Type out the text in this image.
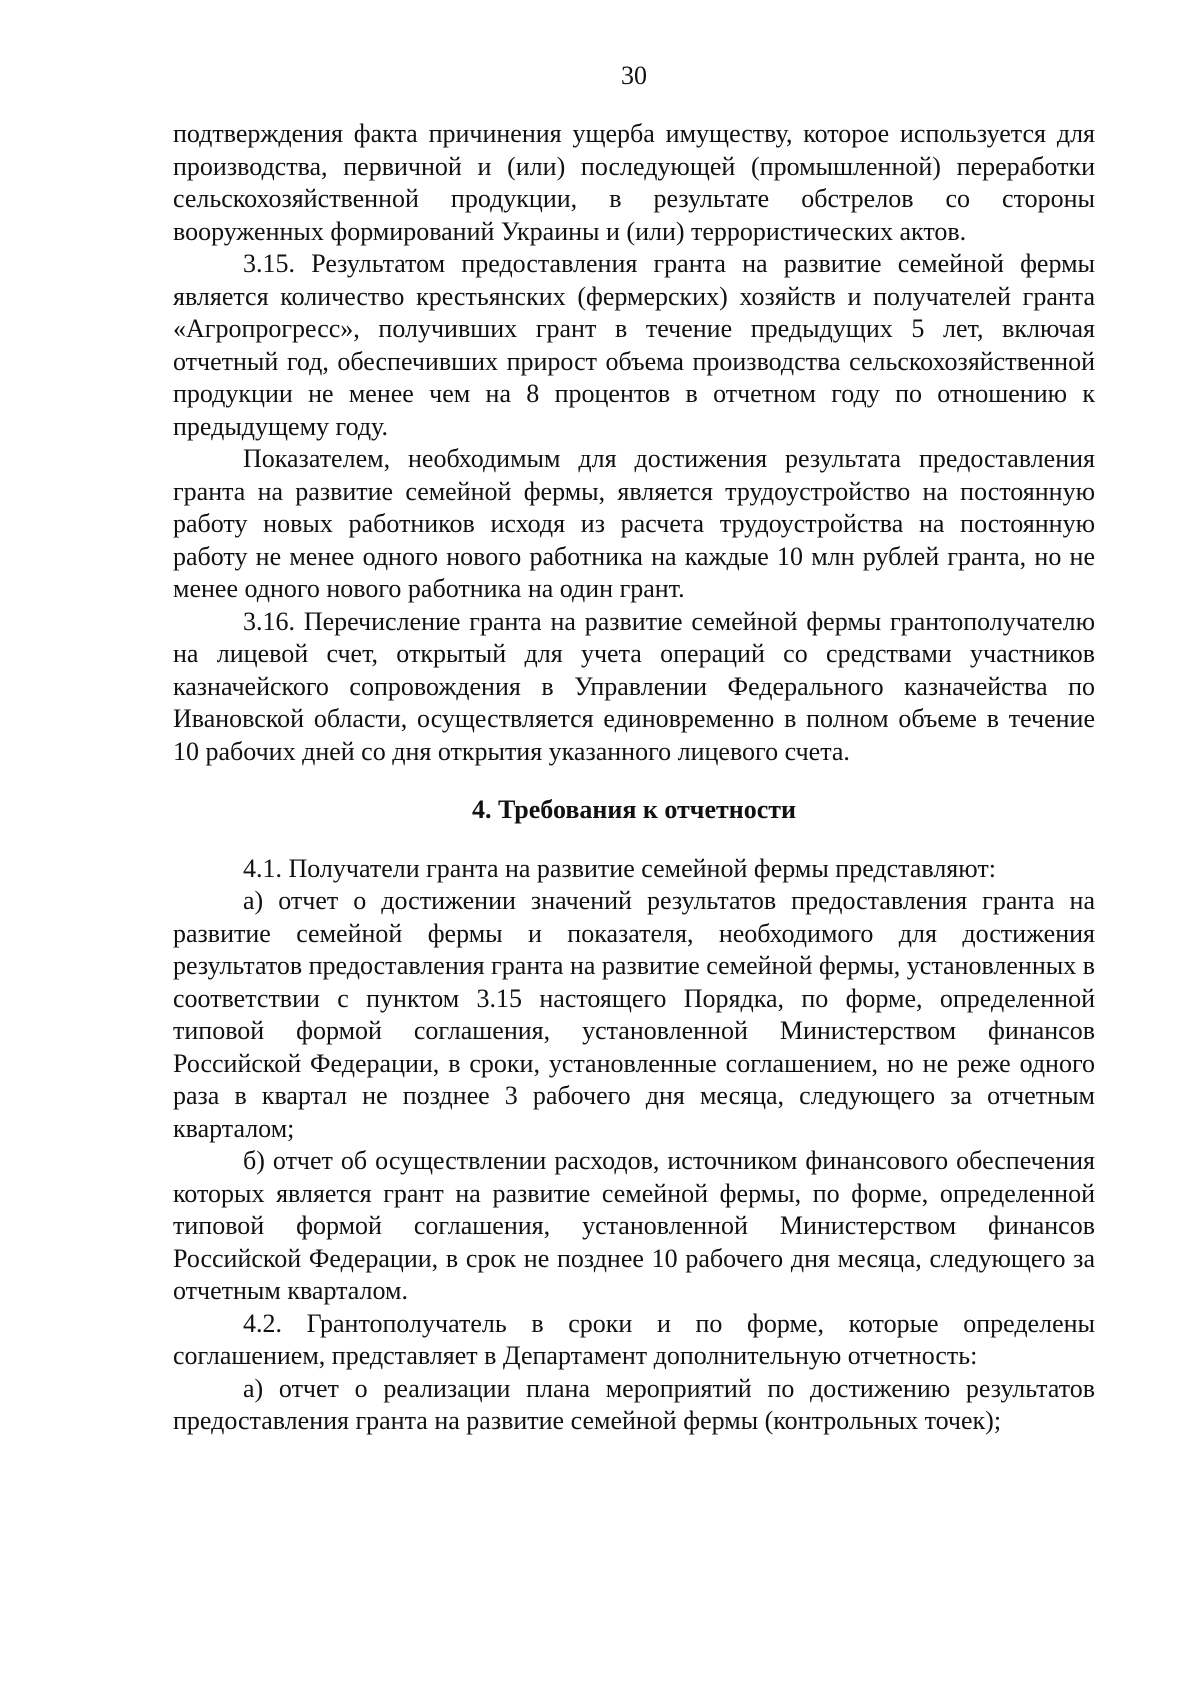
30

подтверждения факта причинения ущерба имуществу, которое используется для производства, первичной и (или) последующей (промышленной) переработки сельскохозяйственной продукции, в результате обстрелов со стороны вооруженных формирований Украины и (или) террористических актов.

3.15. Результатом предоставления гранта на развитие семейной фермы является количество крестьянских (фермерских) хозяйств и получателей гранта «Агропрогресс», получивших грант в течение предыдущих 5 лет, включая отчетный год, обеспечивших прирост объема производства сельскохозяйственной продукции не менее чем на 8 процентов в отчетном году по отношению к предыдущему году.

Показателем, необходимым для достижения результата предоставления гранта на развитие семейной фермы, является трудоустройство на постоянную работу новых работников исходя из расчета трудоустройства на постоянную работу не менее одного нового работника на каждые 10 млн рублей гранта, но не менее одного нового работника на один грант.

3.16. Перечисление гранта на развитие семейной фермы грантополучателю на лицевой счет, открытый для учета операций со средствами участников казначейского сопровождения в Управлении Федерального казначейства по Ивановской области, осуществляется единовременно в полном объеме в течение 10 рабочих дней со дня открытия указанного лицевого счета.

4. Требования к отчетности

4.1. Получатели гранта на развитие семейной фермы представляют:

а) отчет о достижении значений результатов предоставления гранта на развитие семейной фермы и показателя, необходимого для достижения результатов предоставления гранта на развитие семейной фермы, установленных в соответствии с пунктом 3.15 настоящего Порядка, по форме, определенной типовой формой соглашения, установленной Министерством финансов Российской Федерации, в сроки, установленные соглашением, но не реже одного раза в квартал не позднее 3 рабочего дня месяца, следующего за отчетным кварталом;

б) отчет об осуществлении расходов, источником финансового обеспечения которых является грант на развитие семейной фермы, по форме, определенной типовой формой соглашения, установленной Министерством финансов Российской Федерации, в срок не позднее 10 рабочего дня месяца, следующего за отчетным кварталом.

4.2. Грантополучатель в сроки и по форме, которые определены соглашением, представляет в Департамент дополнительную отчетность:

а) отчет о реализации плана мероприятий по достижению результатов предоставления гранта на развитие семейной фермы (контрольных точек);
